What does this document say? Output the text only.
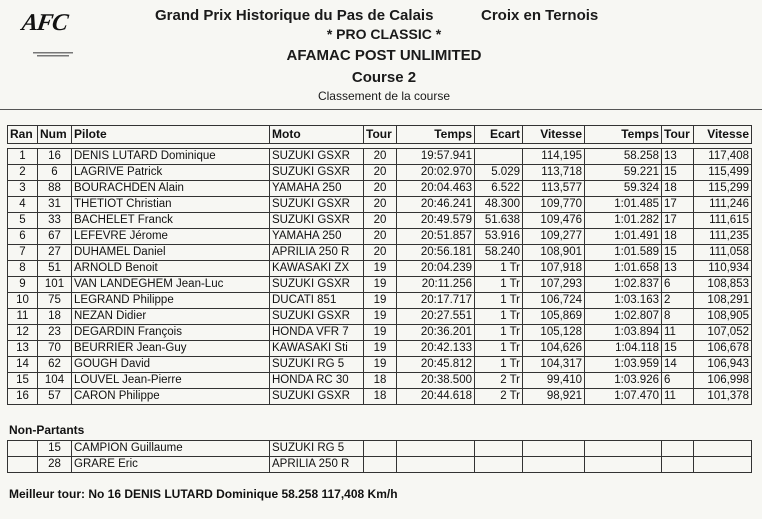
AFC	Grand Prix Historique du Pas de Calais	Croix en Ternois
* PRO CLASSIC *
AFAMAC POST UNLIMITED
Course 2
Classement de la course
Ran	Num	Pilote	Moto	Tour	Temps	Ecart	Vitesse	Temps	Tour	Vitesse

1	16	DENIS LUTARD Dominique	SUZUKI GSXR	20	19:57.941		114,195	58.258	13	117,408
2	6	LAGRIVE Patrick	SUZUKI GSXR	20	20:02.970	5.029	113,718	59.221	15	115,499
3	88	BOURACHDEN Alain	YAMAHA 250	20	20:04.463	6.522	113,577	59.324	18	115,299
4	31	THETIOT Christian	SUZUKI GSXR	20	20:46.241	48.300	109,770	1:01.485	17	111,246
5	33	BACHELET Franck	SUZUKI GSXR	20	20:49.579	51.638	109,476	1:01.282	17	111,615
6	67	LEFEVRE Jérome	YAMAHA 250	20	20:51.857	53.916	109,277	1:01.491	18	111,235
7	27	DUHAMEL Daniel	APRILIA 250 R	20	20:56.181	58.240	108,901	1:01.589	15	111,058
8	51	ARNOLD Benoit	KAWASAKI ZX	19	20:04.239	1 Tr	107,918	1:01.658	13	110,934
9	101	VAN LANDEGHEM Jean-Luc	SUZUKI GSXR	19	20:11.256	1 Tr	107,293	1:02.837	6	108,853
10	75	LEGRAND Philippe	DUCATI 851	19	20:17.717	1 Tr	106,724	1:03.163	2	108,291
11	18	NEZAN Didier	SUZUKI GSXR	19	20:27.551	1 Tr	105,869	1:02.807	8	108,905
12	23	DEGARDIN François	HONDA VFR 7	19	20:36.201	1 Tr	105,128	1:03.894	11	107,052
13	70	BEURRIER Jean-Guy	KAWASAKI Sti	19	20:42.133	1 Tr	104,626	1:04.118	15	106,678
14	62	GOUGH David	SUZUKI RG 5	19	20:45.812	1 Tr	104,317	1:03.959	14	106,943
15	104	LOUVEL Jean-Pierre	HONDA RC 30	18	20:38.500	2 Tr	99,410	1:03.926	6	106,998
16	57	CARON Philippe	SUZUKI GSXR	18	20:44.618	2 Tr	98,921	1:07.470	11	101,378
Non-Partants
	15	CAMPION Guillaume	SUZUKI RG 5							
	28	GRARE Eric	APRILIA 250 R							
Meilleur tour: No 16 DENIS LUTARD Dominique 58.258 117,408 Km/h
